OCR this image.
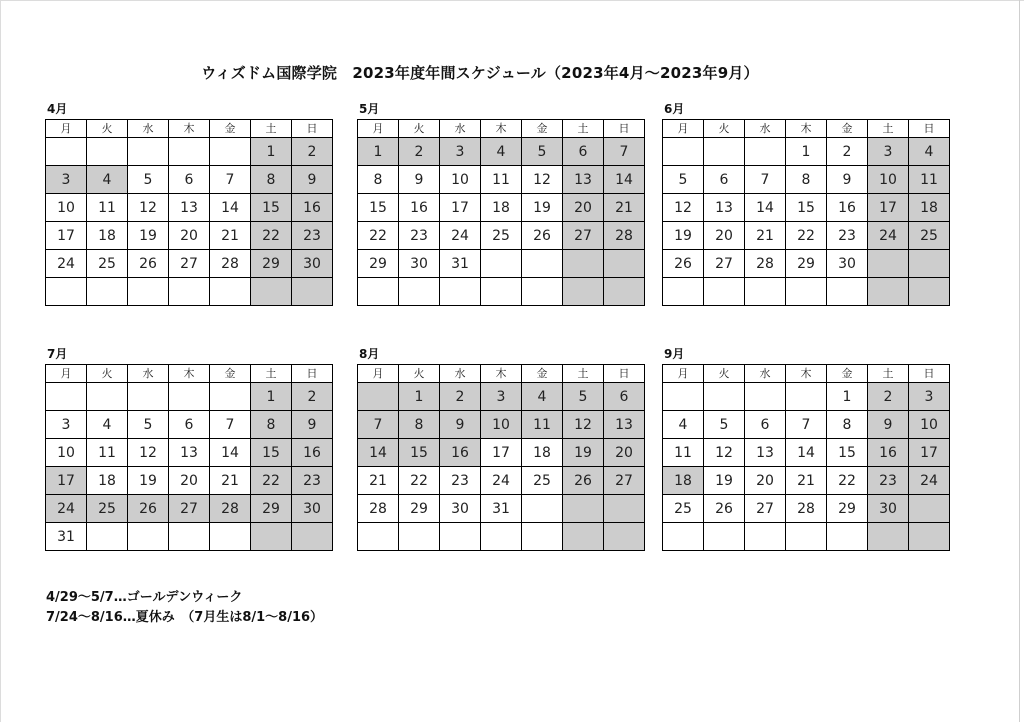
ウィズドム国際学院　2023年度年間スケジュール（2023年4月～2023年9月）
4月
月	火	水	木	金	土	日
					1	2
3	4	5	6	7	8	9
10	11	12	13	14	15	16
17	18	19	20	21	22	23
24	25	26	27	28	29	30

5月
月	火	水	木	金	土	日
1	2	3	4	5	6	7
8	9	10	11	12	13	14
15	16	17	18	19	20	21
22	23	24	25	26	27	28
29	30	31				

6月
月	火	水	木	金	土	日
			1	2	3	4
5	6	7	8	9	10	11
12	13	14	15	16	17	18
19	20	21	22	23	24	25
26	27	28	29	30		

7月
月	火	水	木	金	土	日
					1	2
3	4	5	6	7	8	9
10	11	12	13	14	15	16
17	18	19	20	21	22	23
24	25	26	27	28	29	30
31						
8月
月	火	水	木	金	土	日
	1	2	3	4	5	6
7	8	9	10	11	12	13
14	15	16	17	18	19	20
21	22	23	24	25	26	27
28	29	30	31			

9月
月	火	水	木	金	土	日
				1	2	3
4	5	6	7	8	9	10
11	12	13	14	15	16	17
18	19	20	21	22	23	24
25	26	27	28	29	30	

4/29～5/7…ゴールデンウィーク
7/24～8/16…夏休み　（7月生は8/1～8/16）
